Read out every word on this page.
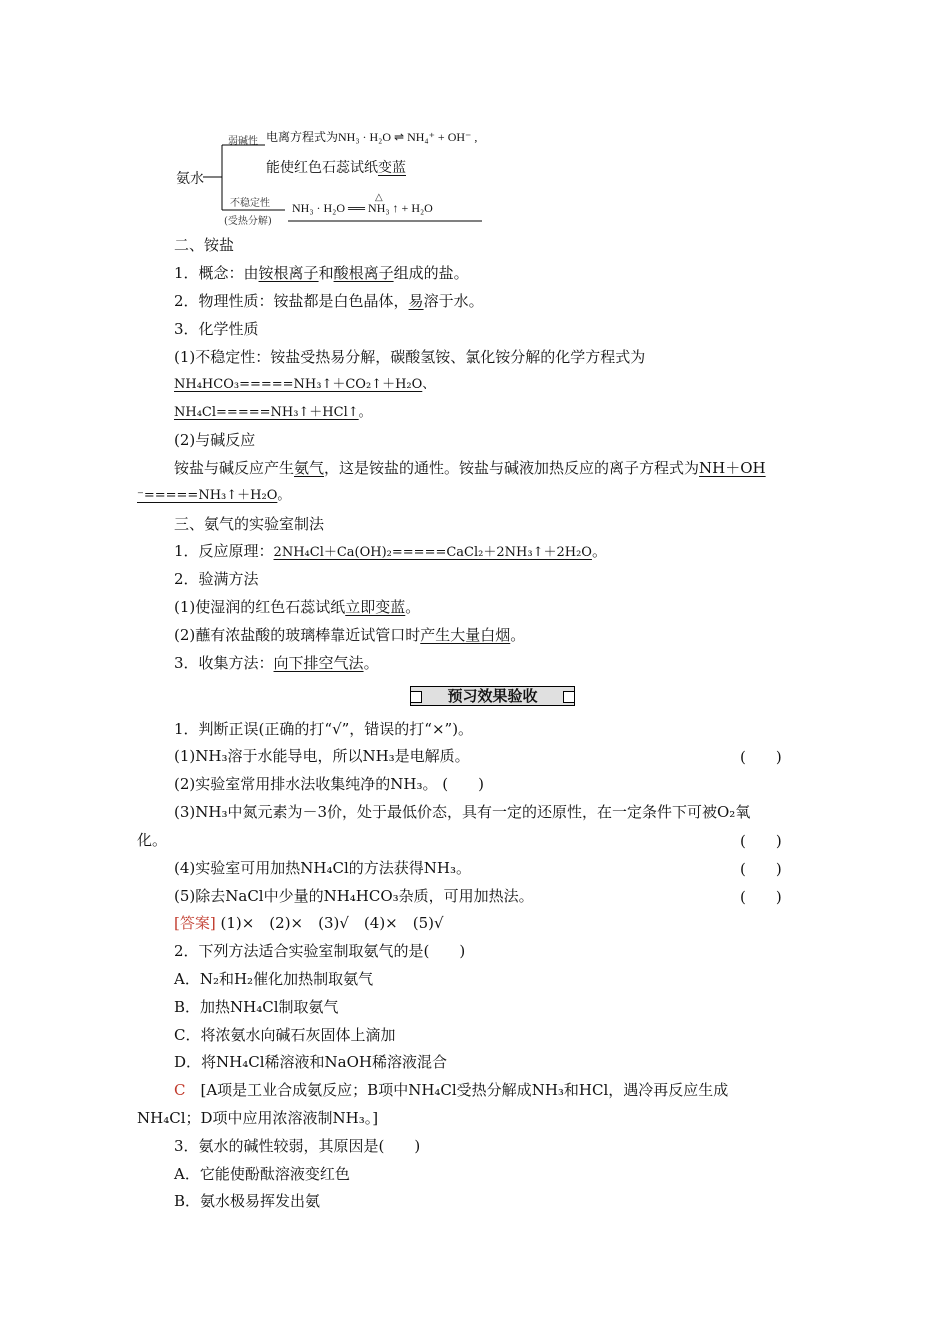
氨水
弱碱性 电离方程式为NH₃ · H₂O ⇌ NH₄⁺ + OH⁻ ,
能使红色石蕊试纸变蓝
不稳定性
(受热分解)
△
NH₃ · H₂O ══ NH₃ ↑ + H₂O
二、铵盐
1．概念：由铵根离子和酸根离子组成的盐。
2．物理性质：铵盐都是白色晶体，易溶于水。
3．化学性质
(1)不稳定性：铵盐受热易分解，碳酸氢铵、氯化铵分解的化学方程式为
NH₄HCO₃=====NH₃↑＋CO₂↑＋H₂O、
NH₄Cl=====NH₃↑＋HCl↑。
(2)与碱反应
铵盐与碱反应产生氨气，这是铵盐的通性。铵盐与碱液加热反应的离子方程式为NH＋OH
⁻=====NH₃↑＋H₂O。
三、氨气的实验室制法
1．反应原理：2NH₄Cl＋Ca(OH)₂=====CaCl₂＋2NH₃↑＋2H₂O。
2．验满方法
(1)使湿润的红色石蕊试纸立即变蓝。
(2)蘸有浓盐酸的玻璃棒靠近试管口时产生大量白烟。
3．收集方法：向下排空气法。
预习效果验收
1．判断正误(正确的打“√”，错误的打“×”)。
(1)NH₃溶于水能导电，所以NH₃是电解质。	(　　)
(2)实验室常用排水法收集纯净的NH₃。 (　　)
(3)NH₃中氮元素为－3价，处于最低价态，具有一定的还原性，在一定条件下可被O₂氧
化。	(　　)
(4)实验室可用加热NH₄Cl的方法获得NH₃。	(　　)
(5)除去NaCl中少量的NH₄HCO₃杂质，可用加热法。	(　　)
[答案] (1)×　(2)×　(3)√　(4)×　(5)√
2．下列方法适合实验室制取氨气的是(　　)
A．N₂和H₂催化加热制取氨气
B．加热NH₄Cl制取氨气
C．将浓氨水向碱石灰固体上滴加
D．将NH₄Cl稀溶液和NaOH稀溶液混合
C　[A项是工业合成氨反应；B项中NH₄Cl受热分解成NH₃和HCl，遇冷再反应生成
NH₄Cl；D项中应用浓溶液制NH₃。]
3．氨水的碱性较弱，其原因是(　　)
A．它能使酚酞溶液变红色
B．氨水极易挥发出氨
